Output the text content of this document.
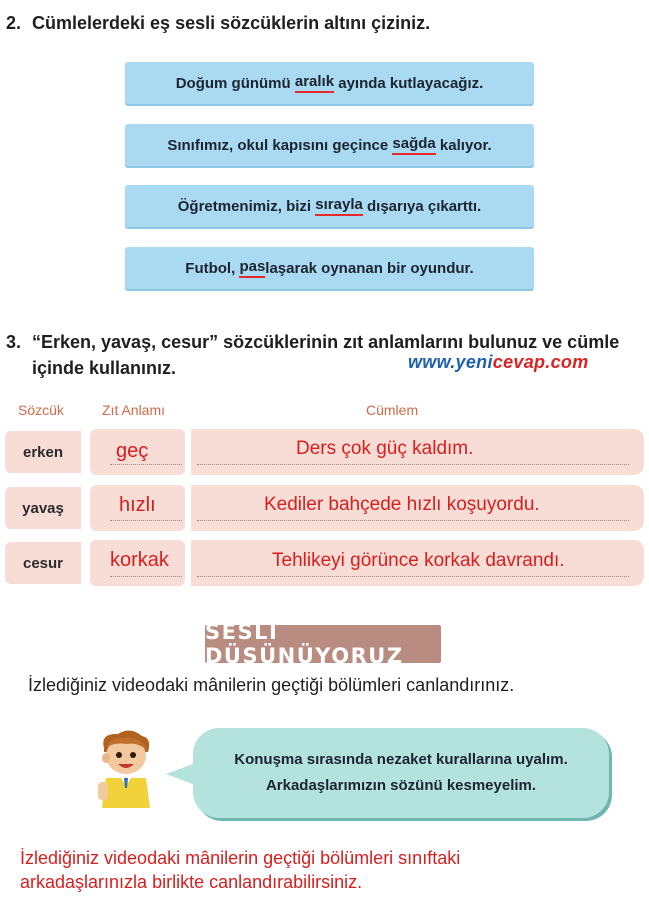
2. Cümlelerdeki eş sesli sözcüklerin altını çiziniz.
Doğum günümü aralık ayında kutlayacağız.
Sınıfımız, okul kapısını geçince sağda kalıyor.
Öğretmenimiz, bizi sırayla dışarıya çıkarttı.
Futbol, pas laşarak oynanan bir oyundur.
3. “Erken, yavaş, cesur” sözcüklerinin zıt anlamlarını bulunuz ve cümle
içinde kullanınız.	www.yenicevap.com
Sözcük	Zıt Anlamı	Cümlem
erken	geç	Ders çok güç kaldım.
yavaş	hızlı	Kediler bahçede hızlı koşuyordu.
cesur	korkak	Tehlikeyi görünce korkak davrandı.
SESLİ DÜŞÜNÜYORUZ
İzlediğiniz videodaki mânilerin geçtiği bölümleri canlandırınız.
Konuşma sırasında nezaket kurallarına uyalım.
Arkadaşlarımızın sözünü kesmeyelim.
İzlediğiniz videodaki mânilerin geçtiği bölümleri sınıftaki
arkadaşlarınızla birlikte canlandırabilirsiniz.
